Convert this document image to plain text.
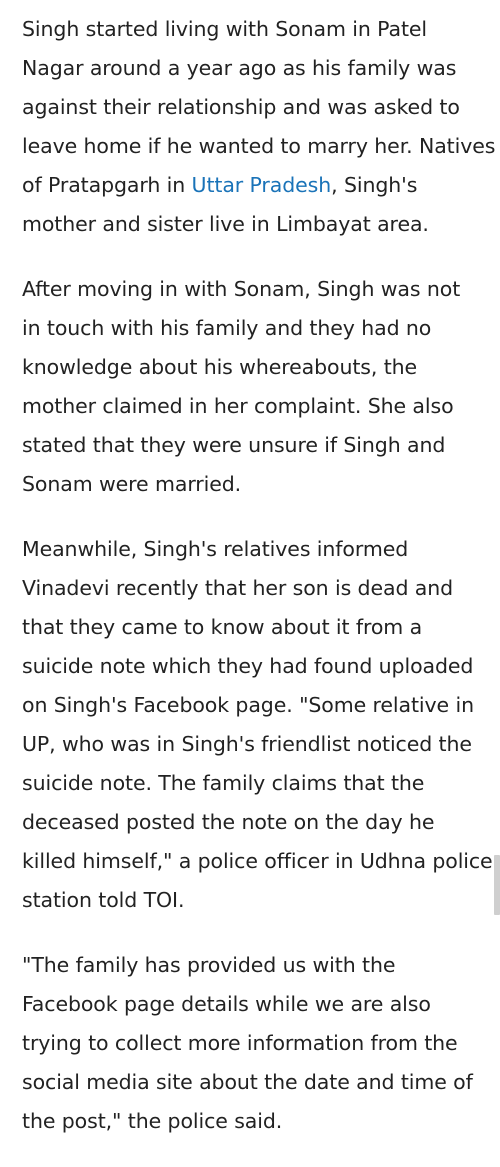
Singh started living with Sonam in Patel
Nagar around a year ago as his family was
against their relationship and was asked to
leave home if he wanted to marry her. Natives
of Pratapgarh in Uttar Pradesh, Singh's
mother and sister live in Limbayat area.

After moving in with Sonam, Singh was not
in touch with his family and they had no
knowledge about his whereabouts, the
mother claimed in her complaint. She also
stated that they were unsure if Singh and
Sonam were married.

Meanwhile, Singh's relatives informed
Vinadevi recently that her son is dead and
that they came to know about it from a
suicide note which they had found uploaded
on Singh's Facebook page. "Some relative in
UP, who was in Singh's friendlist noticed the
suicide note. The family claims that the
deceased posted the note on the day he
killed himself," a police officer in Udhna police
station told TOI.

"The family has provided us with the
Facebook page details while we are also
trying to collect more information from the
social media site about the date and time of
the post," the police said.
